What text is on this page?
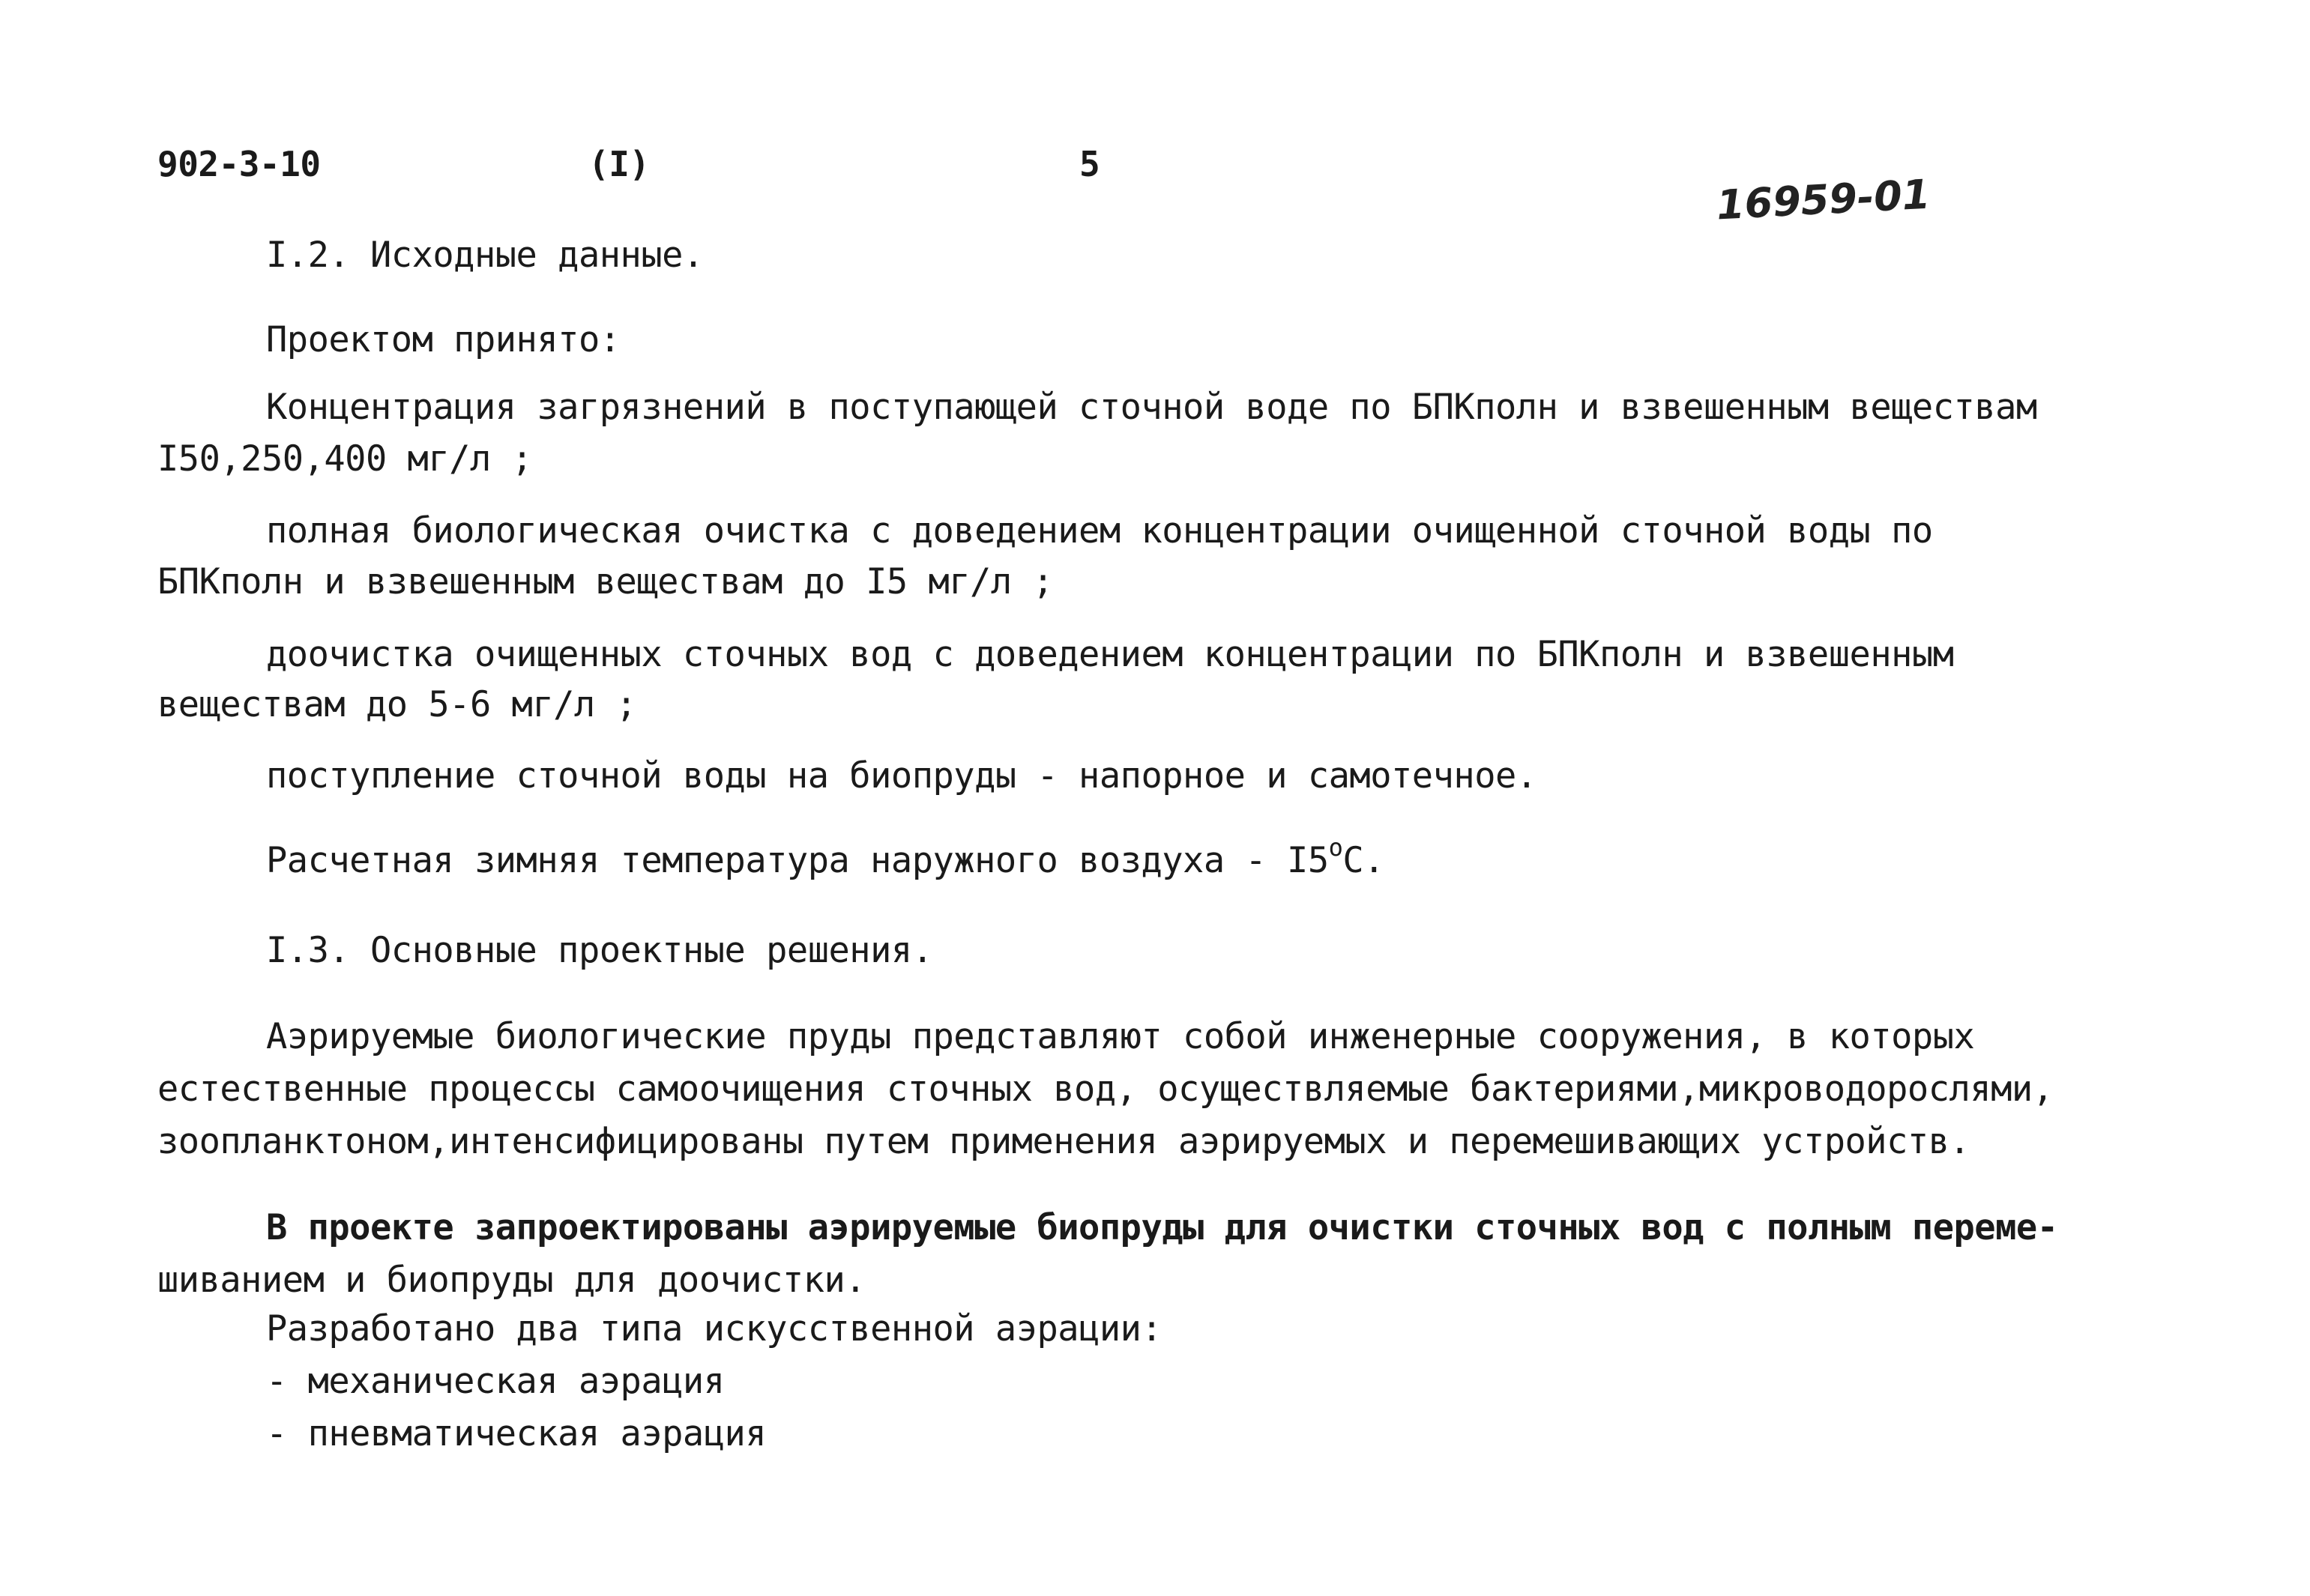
902-3-10	(I)	5
16959-01
I.2. Исходные данные.
Проектом принято:
Концентрация загрязнений в поступающей сточной воде по БПКполн и взвешенным веществам
I50,250,400 мг/л ;
полная биологическая очистка с доведением концентрации очищенной сточной воды по
БПКполн и взвешенным веществам до I5 мг/л ;
доочистка очищенных сточных вод с доведением концентрации по БПКполн и взвешенным
веществам до 5-6 мг/л ;
поступление сточной воды на биопруды - напорное и самотечное.
Расчетная зимняя температура наружного воздуха - I5$^o$C.
I.3. Основные проектные решения.
Аэрируемые биологические пруды представляют собой инженерные сооружения, в которых
естественные процессы самоочищения сточных вод, осуществляемые бактериями,микроводорослями,
зоопланктоном,интенсифицированы путем применения аэрируемых и перемешивающих устройств.
В проекте запроектированы аэрируемые биопруды для очистки сточных вод с полным переме-
шиванием и биопруды для доочистки.
Разработано два типа искусственной аэрации:
- механическая аэрация
- пневматическая аэрация
